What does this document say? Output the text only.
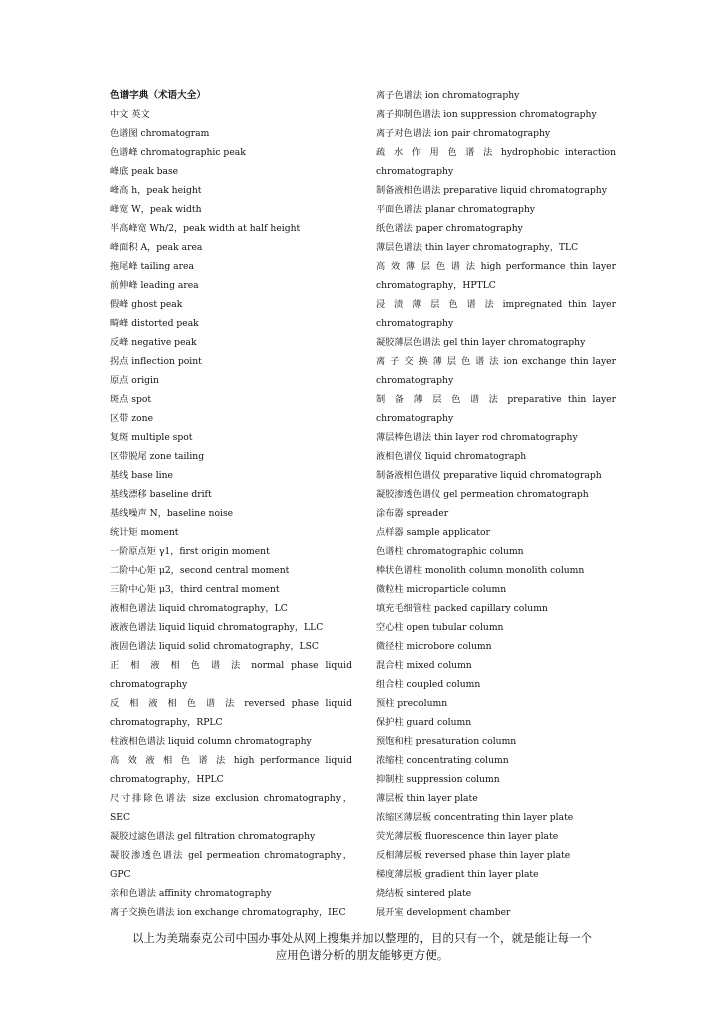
色谱字典（术语大全）
中文 英文
色谱图 chromatogram
色谱峰 chromatographic peak
峰底 peak base
峰高 h，peak height
峰宽 W，peak width
半高峰宽 Wh/2，peak width at half height
峰面积 A，peak area
拖尾峰 tailing area
前伸峰 leading area
假峰 ghost peak
畸峰 distorted peak
反峰 negative peak
拐点 inflection point
原点 origin
斑点 spot
区带 zone
复斑 multiple spot
区带脱尾 zone tailing
基线 base line
基线漂移 baseline drift
基线噪声 N，baseline noise
统计矩 moment
一阶原点矩 γ1，first origin moment
二阶中心矩 μ2，second central moment
三阶中心矩 μ3，third central moment
液相色谱法 liquid chromatography，LC
液液色谱法 liquid liquid chromatography，LLC
液固色谱法 liquid solid chromatography，LSC
正 相 液 相 色 谱 法 normal phase liquid
chromatography
反 相 液 相 色 谱 法 reversed phase liquid
chromatography，RPLC
柱液相色谱法 liquid column chromatography
高 效 液 相 色 谱 法 high performance liquid
chromatography，HPLC
尺寸排除色谱法 size exclusion chromatography，
SEC
凝胶过滤色谱法 gel filtration chromatography
凝胶渗透色谱法 gel permeation chromatography，
GPC
亲和色谱法 affinity chromatography
离子交换色谱法 ion exchange chromatography，IEC
离子色谱法 ion chromatography
离子抑制色谱法 ion suppression chromatography
离子对色谱法 ion pair chromatography
疏 水 作 用 色 谱 法 hydrophobic interaction
chromatography
制备液相色谱法 preparative liquid chromatography
平面色谱法 planar chromatography
纸色谱法 paper chromatography
薄层色谱法 thin layer chromatography，TLC
高 效 薄 层 色 谱 法 high performance thin layer
chromatography，HPTLC
浸 渍 薄 层 色 谱 法 impregnated thin layer
chromatography
凝胶薄层色谱法 gel thin layer chromatography
离 子 交 换 薄 层 色 谱 法 ion exchange thin layer
chromatography
制 备 薄 层 色 谱 法 preparative thin layer
chromatography
薄层棒色谱法 thin layer rod chromatography
液相色谱仪 liquid chromatograph
制备液相色谱仪 preparative liquid chromatograph
凝胶渗透色谱仪 gel permeation chromatograph
涂布器 spreader
点样器 sample applicator
色谱柱 chromatographic column
棒状色谱柱 monolith column monolith column
微粒柱 microparticle column
填充毛细管柱 packed capillary column
空心柱 open tubular column
微径柱 microbore column
混合柱 mixed column
组合柱 coupled column
预柱 precolumn
保护柱 guard column
预饱和柱 presaturation column
浓缩柱 concentrating column
抑制柱 suppression column
薄层板 thin layer plate
浓缩区薄层板 concentrating thin layer plate
荧光薄层板 fluorescence thin layer plate
反相薄层板 reversed phase thin layer plate
梯度薄层板 gradient thin layer plate
烧结板 sintered plate
展开室 development chamber
以上为美瑞泰克公司中国办事处从网上搜集并加以整理的，目的只有一个，就是能让每一个
应用色谱分析的朋友能够更方便。
